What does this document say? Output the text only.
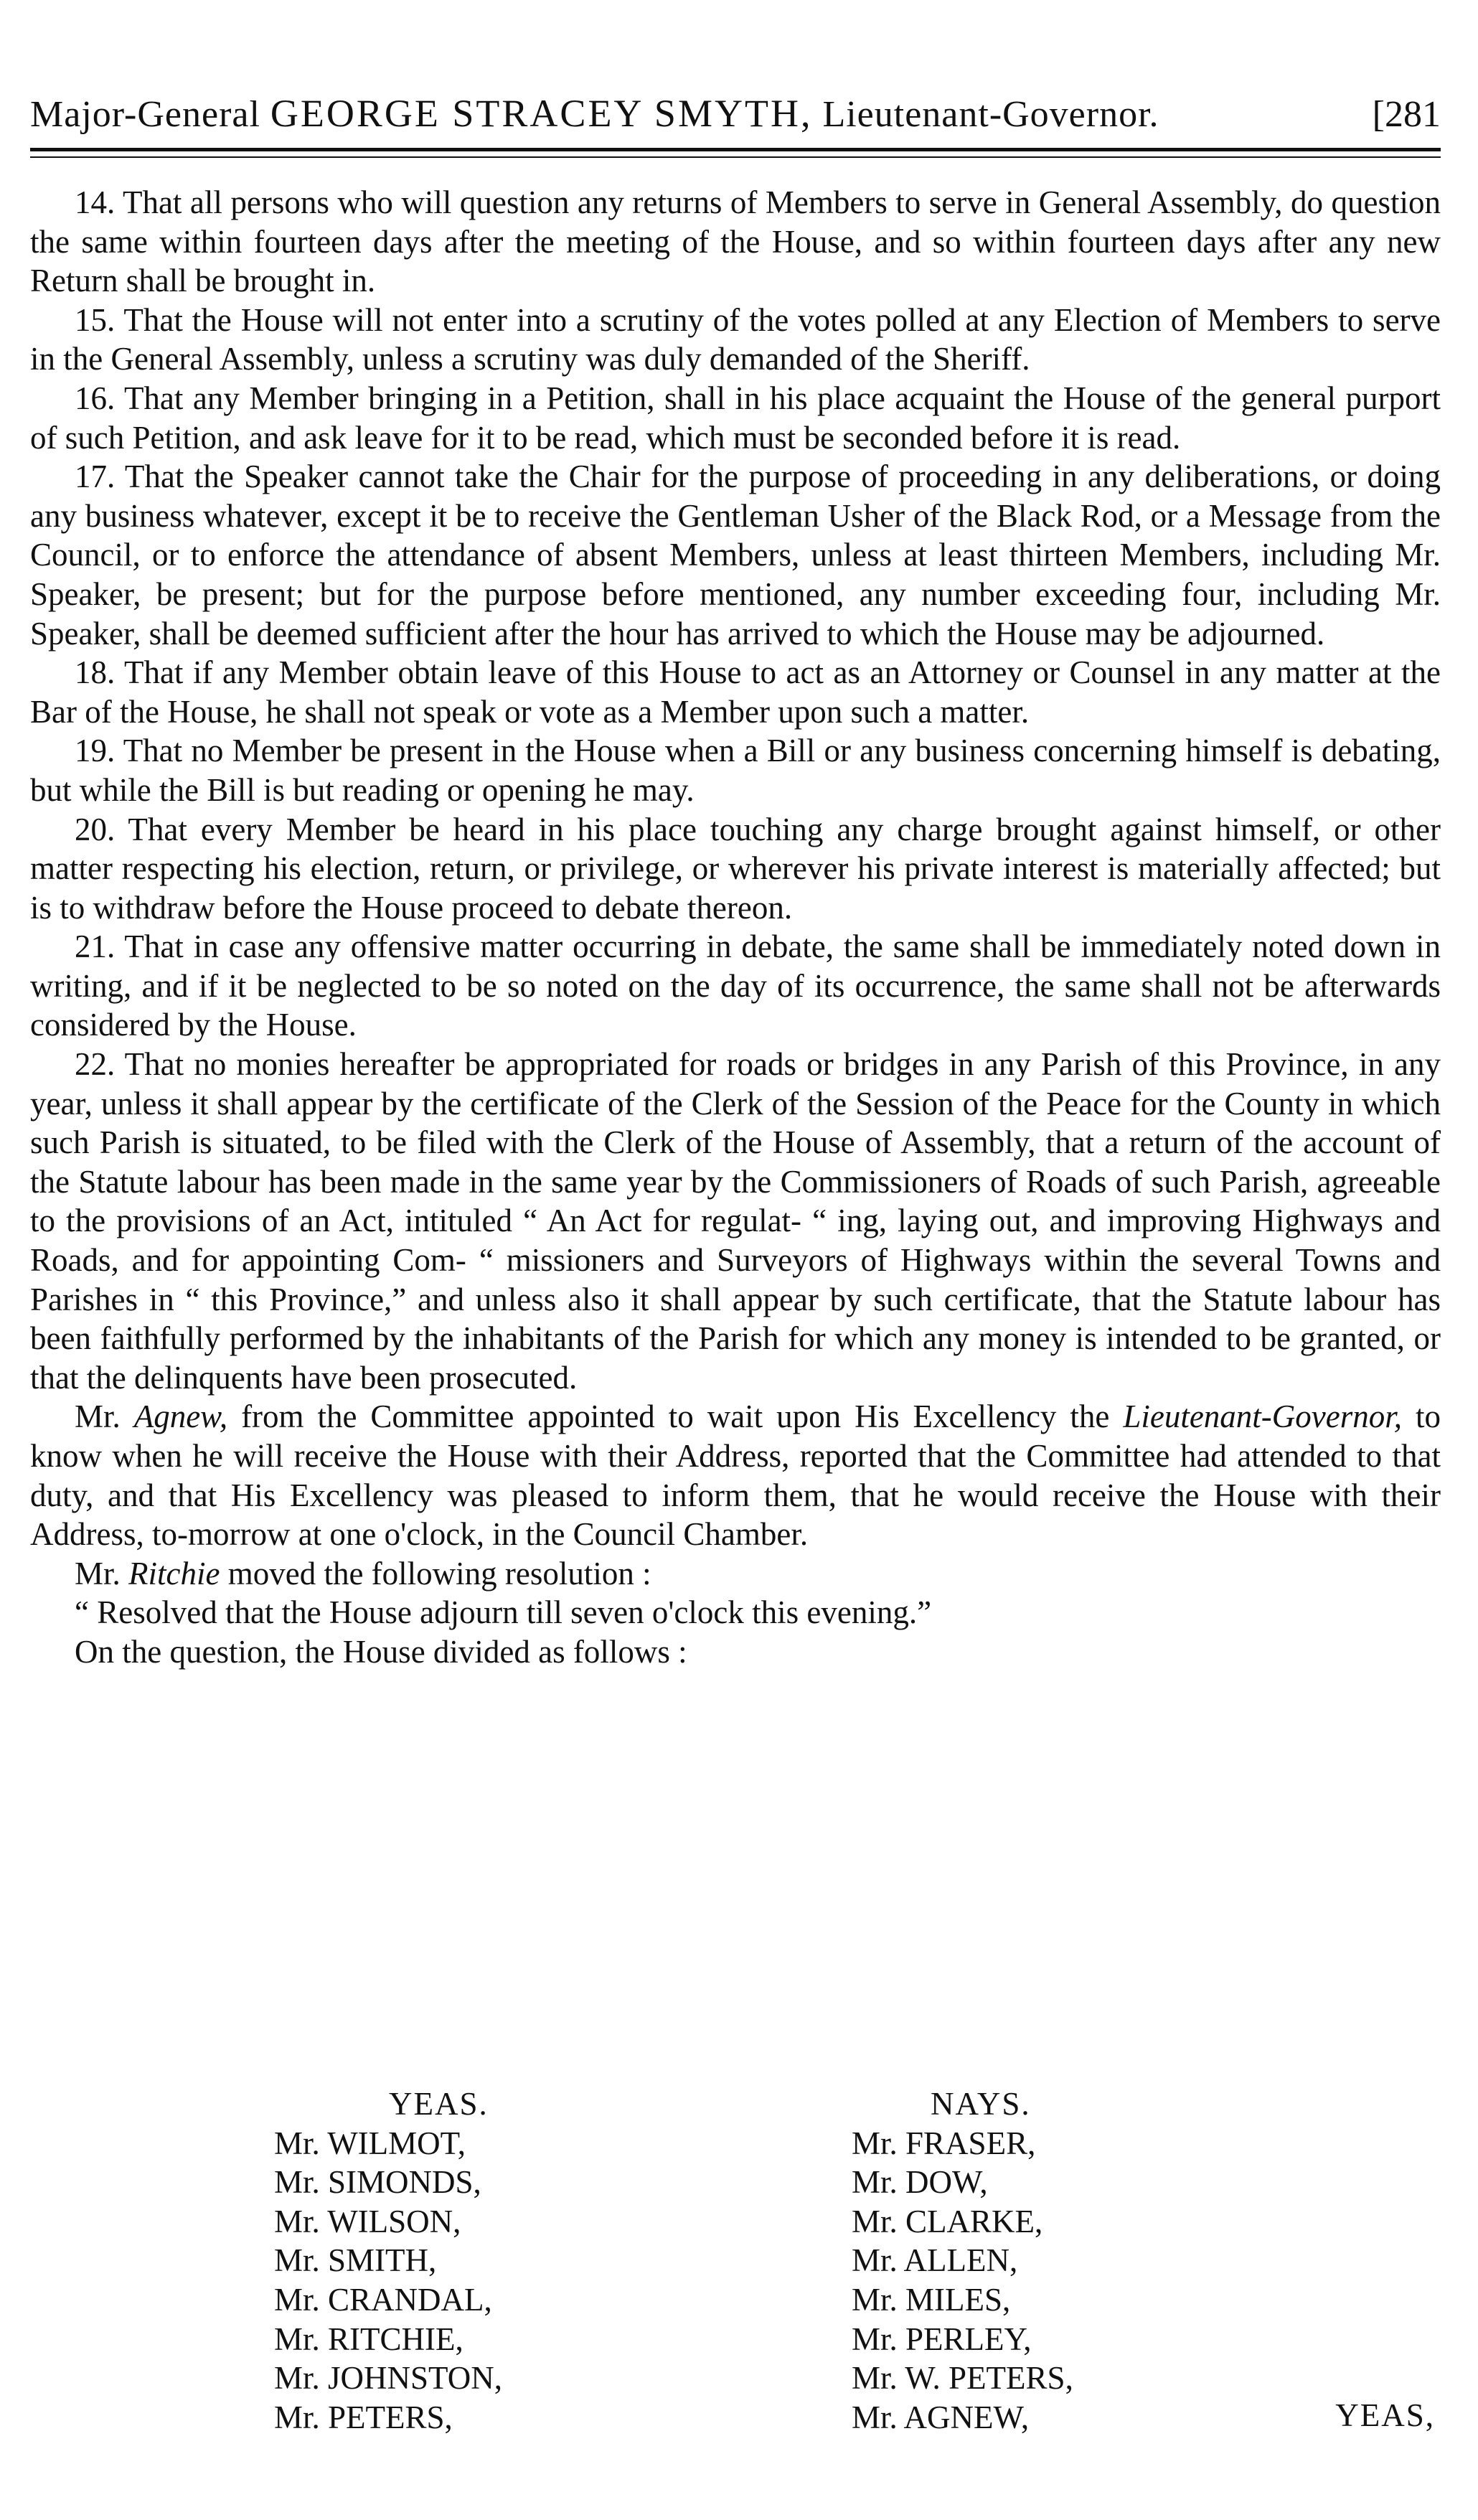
Major-General GEORGE STRACEY SMYTH, Lieutenant-Governor.	[281

14. That all persons who will question any returns of Members to serve in General Assembly, do question the same within fourteen days after the meeting of the House, and so within fourteen days after any new Return shall be brought in.

15. That the House will not enter into a scrutiny of the votes polled at any Election of Members to serve in the General Assembly, unless a scrutiny was duly demanded of the Sheriff.

16. That any Member bringing in a Petition, shall in his place acquaint the House of the general purport of such Petition, and ask leave for it to be read, which must be seconded before it is read.

17. That the Speaker cannot take the Chair for the purpose of proceeding in any deliberations, or doing any business whatever, except it be to receive the Gentleman Usher of the Black Rod, or a Message from the Council, or to enforce the attendance of absent Members, unless at least thirteen Members, including Mr. Speaker, be present; but for the purpose before mentioned, any number exceeding four, including Mr. Speaker, shall be deemed sufficient after the hour has arrived to which the House may be adjourned.

18. That if any Member obtain leave of this House to act as an Attorney or Counsel in any matter at the Bar of the House, he shall not speak or vote as a Member upon such a matter.

19. That no Member be present in the House when a Bill or any business concerning himself is debating, but while the Bill is but reading or opening he may.

20. That every Member be heard in his place touching any charge brought against himself, or other matter respecting his election, return, or privilege, or wherever his private interest is materially affected; but is to withdraw before the House proceed to debate thereon.

21. That in case any offensive matter occurring in debate, the same shall be immediately noted down in writing, and if it be neglected to be so noted on the day of its occurrence, the same shall not be afterwards considered by the House.

22. That no monies hereafter be appropriated for roads or bridges in any Parish of this Province, in any year, unless it shall appear by the certificate of the Clerk of the Session of the Peace for the County in which such Parish is situated, to be filed with the Clerk of the House of Assembly, that a return of the account of the Statute labour has been made in the same year by the Commissioners of Roads of such Parish, agreeable to the provisions of an Act, intituled “ An Act for regulat- “ ing, laying out, and improving Highways and Roads, and for appointing Com- “ missioners and Surveyors of Highways within the several Towns and Parishes in “ this Province,” and unless also it shall appear by such certificate, that the Statute labour has been faithfully performed by the inhabitants of the Parish for which any money is intended to be granted, or that the delinquents have been prosecuted.

Mr. Agnew, from the Committee appointed to wait upon His Excellency the Lieutenant-Governor, to know when he will receive the House with their Address, reported that the Committee had attended to that duty, and that His Excellency was pleased to inform them, that he would receive the House with their Address, to-morrow at one o'clock, in the Council Chamber.

Mr. Ritchie moved the following resolution :

“ Resolved that the House adjourn till seven o'clock this evening.”

On the question, the House divided as follows :

YEAS.
Mr. WILMOT,
Mr. SIMONDS,
Mr. WILSON,
Mr. SMITH,
Mr. CRANDAL,
Mr. RITCHIE,
Mr. JOHNSTON,
Mr. PETERS,
NAYS.
Mr. FRASER,
Mr. DOW,
Mr. CLARKE,
Mr. ALLEN,
Mr. MILES,
Mr. PERLEY,
Mr. W. PETERS,
Mr. AGNEW,	YEAS,
